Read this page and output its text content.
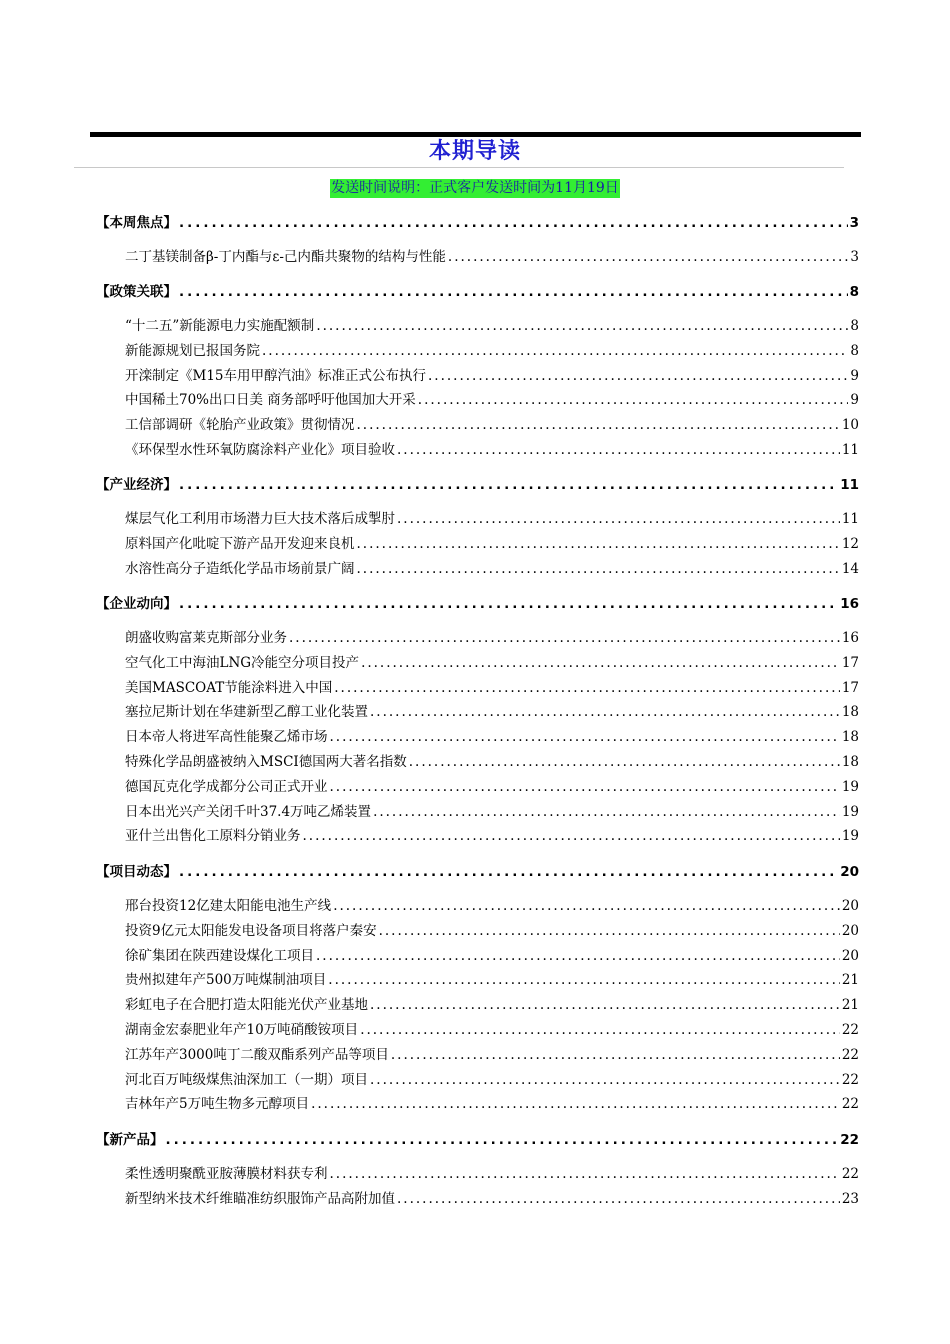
本期导读
发送时间说明：正式客户发送时间为11月19日
【本周焦点】 .....	3
二丁基镁制备β-丁内酯与ε-己内酯共聚物的结构与性能 .....	3
【政策关联】 .....	8
“十二五”新能源电力实施配额制 .....	8
新能源规划已报国务院 .....	8
开滦制定《M15车用甲醇汽油》标准正式公布执行 .....	9
中国稀土70%出口日美 商务部呼吁他国加大开采 .....	9
工信部调研《轮胎产业政策》贯彻情况 .....	10
《环保型水性环氧防腐涂料产业化》项目验收 .....	11
【产业经济】 .....	11
煤层气化工利用市场潜力巨大技术落后成掣肘 .....	11
原料国产化吡啶下游产品开发迎来良机 .....	12
水溶性高分子造纸化学品市场前景广阔 .....	14
【企业动向】 .....	16
朗盛收购富莱克斯部分业务 .....	16
空气化工中海油LNG冷能空分项目投产 .....	17
美国MASCOAT节能涂料进入中国 .....	17
塞拉尼斯计划在华建新型乙醇工业化装置 .....	18
日本帝人将进军高性能聚乙烯市场 .....	18
特殊化学品朗盛被纳入MSCI德国两大著名指数 .....	18
德国瓦克化学成都分公司正式开业 .....	19
日本出光兴产关闭千叶37.4万吨乙烯装置 .....	19
亚什兰出售化工原料分销业务 .....	19
【项目动态】 .....	20
邢台投资12亿建太阳能电池生产线 .....	20
投资9亿元太阳能发电设备项目将落户秦安 .....	20
徐矿集团在陕西建设煤化工项目 .....	20
贵州拟建年产500万吨煤制油项目 .....	21
彩虹电子在合肥打造太阳能光伏产业基地 .....	21
湖南金宏泰肥业年产10万吨硝酸铵项目 .....	22
江苏年产3000吨丁二酸双酯系列产品等项目 .....	22
河北百万吨级煤焦油深加工（一期）项目 .....	22
吉林年产5万吨生物多元醇项目 .....	22
【新产品】 .....	22
柔性透明聚酰亚胺薄膜材料获专利 .....	22
新型纳米技术纤维瞄准纺织服饰产品高附加值 .....	23
